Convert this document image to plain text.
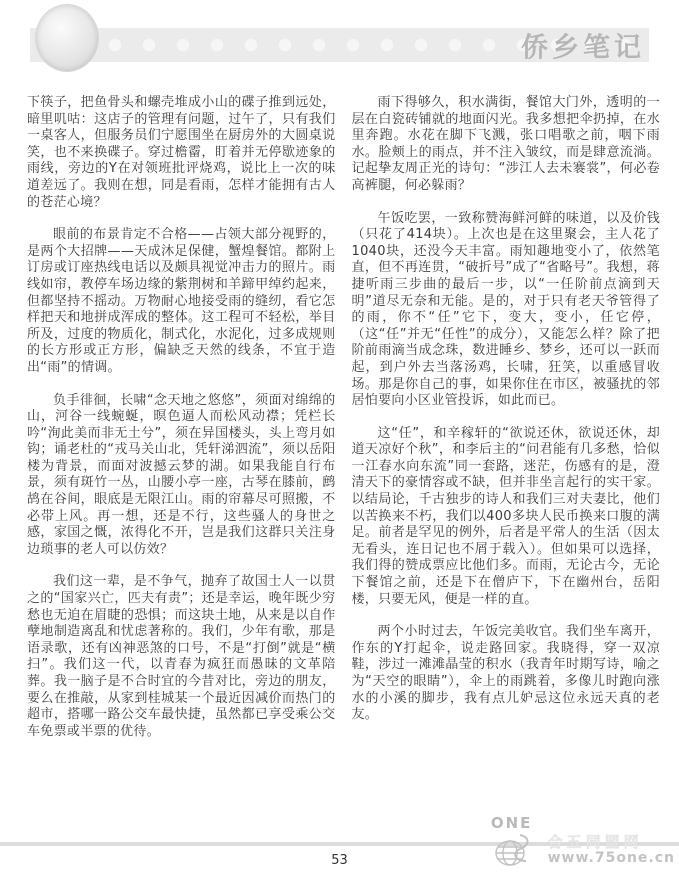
侨乡笔记

下筷子，把鱼骨头和螺壳堆成小山的碟子推到远处，暗里叽咕：这店子的管理有问题，过午了，只有我们一桌客人，但服务员们宁愿围坐在厨房外的大圆桌说笑，也不来换碟子。穿过檐霤，盯着并无停歇迹象的雨线，旁边的Y在对领班批评烧鸡，说比上一次的味道差远了。我则在想，同是看雨，怎样才能拥有古人的苍茫心境？

眼前的布景肯定不合格——占领大部分视野的，是两个大招牌——天成沐足保健，蟹煌餐馆。都附上订房或订座热线电话以及颇具视觉冲击力的照片。雨线如帘，教停车场边缘的紫荆树和羊蹄甲绰约起来，但都坚持不摇动。万物耐心地接受雨的缝纫，看它怎样把天和地拼成浑成的整体。这工程可不轻松，举目所及，过度的物质化，制式化，水泥化，过多成规则的长方形或正方形，偏缺乏天然的线条，不宜于造出“雨”的情调。

负手徘徊，长啸“念天地之悠悠”，须面对绵绵的山，河谷一线蜿蜒，暝色逼人而松风动襟；凭栏长吟“洵此美而非无土兮”，须在异国楼头，头上弯月如钩；诵老杜的“戎马关山北，凭轩涕泗流”，须以岳阳楼为背景，而面对波撼云梦的湖。如果我能自行布景，须有斑竹一丛，山腰小亭一座，古琴在膝前，鹧鸪在谷间，眼底是无限江山。雨的帘幕尽可照搬，不必带上风。再一想，还是不行，这些骚人的身世之感，家国之慨，浓得化不开，岂是我们这群只关注身边琐事的老人可以仿效？

我们这一辈，是不争气，抛弃了故国士人一以贯之的“国家兴亡，匹夫有责”；还是幸运，晚年既少穷愁也无迫在眉睫的恐惧；而这块土地，从来是以自作孽地制造离乱和忧虑著称的。我们，少年有歌，那是语录歌，还有凶神恶煞的口号，不是“打倒”就是“横扫”。我们这一代，以青春为疯狂而愚昧的文革陪葬。我一脑子是不合时宜的今昔对比，旁边的朋友，要么在推敲，从家到桂城某一个最近因减价而热门的超市，搭哪一路公交车最快捷，虽然都已享受乘公交车免票或半票的优待。

雨下得够久，积水满街，餐馆大门外，透明的一层在白瓷砖铺就的地面闪光。我多想把伞扔掉，在水里奔跑。水花在脚下飞溅，张口唱歌之前，咽下雨水。脸颊上的雨点，并不注入皱纹，而是肆意流淌。记起挚友周正光的诗句：“涉江人去未褰裳”，何必卷高裤腿，何必躲雨？

午饭吃罢，一致称赞海鲜河鲜的味道，以及价钱（只花了414块）。上次也是在这里聚会，主人花了1040块，还没今天丰富。雨知趣地变小了，依然笔直，但不再连贯，“破折号”成了“省略号”。我想，蒋捷听雨三步曲的最后一步，以“一任阶前点滴到天明”道尽无奈和无能。是的，对于只有老天爷管得了的雨，你不“任”它下，变大，变小，任它停，（这“任”并无“任性”的成分），又能怎么样？除了把阶前雨滴当成念珠，数进睡乡、梦乡，还可以一跃而起，到户外去当落汤鸡，长啸，狂笑，以重感冒收场。那是你自己的事，如果你住在市区，被骚扰的邻居怕要向小区业管投诉，如此而已。

这“任”，和辛稼轩的“欲说还休，欲说还休，却道天凉好个秋”，和李后主的“问君能有几多愁，恰似一江春水向东流”同一套路，迷茫，伤感有的是，澄清天下的豪情容或不缺，但并非坐言起行的实干家。以结局论，千古独步的诗人和我们三对夫妻比，他们以苦换来不朽，我们以400多块人民币换来口腹的满足。前者是罕见的例外，后者是平常人的生活（因太无看头，连日记也不屑于载入）。但如果可以选择，我们得的赞成票应比他们多。而雨，无论古今，无论下餐馆之前，还是下在僧庐下，下在幽州台，岳阳楼，只要无风，便是一样的直。

两个小时过去，午饭完美收官。我们坐车离开，作东的Y打起伞，说走路回家。我晓得，穿一双凉鞋，涉过一滩滩晶莹的积水（我青年时期写诗，喻之为“天空的眼睛”），伞上的雨跳着，多像儿时跑向涨水的小溪的脚步，我有点儿妒忌这位永远天真的老友。

53
ONE
合五同盟网
www.75one.cn
